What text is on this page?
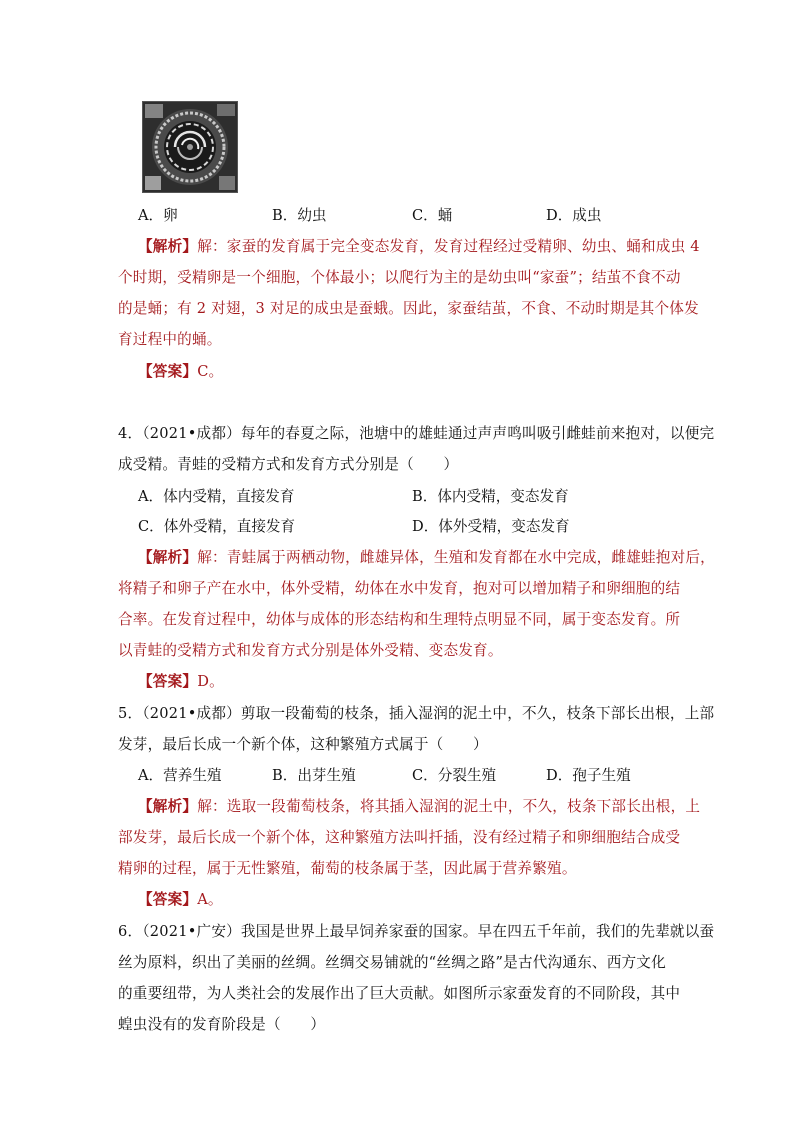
A．卵	B．幼虫	C．蛹	D．成虫
【解析】解：家蚕的发育属于完全变态发育，发育过程经过受精卵、幼虫、蛹和成虫 4
个时期，受精卵是一个细胞，个体最小；以爬行为主的是幼虫叫“家蚕”；结茧不食不动
的是蛹；有 2 对翅，3 对足的成虫是蚕蛾。因此，家蚕结茧，不食、不动时期是其个体发
育过程中的蛹。
【答案】C。
4．（2021•成都）每年的春夏之际，池塘中的雄蛙通过声声鸣叫吸引雌蛙前来抱对，以便完
成受精。青蛙的受精方式和发育方式分别是（　　）
A．体内受精，直接发育	B．体内受精，变态发育
C．体外受精，直接发育	D．体外受精，变态发育
【解析】解：青蛙属于两栖动物，雌雄异体，生殖和发育都在水中完成，雌雄蛙抱对后，
将精子和卵子产在水中，体外受精，幼体在水中发育，抱对可以增加精子和卵细胞的结
合率。在发育过程中，幼体与成体的形态结构和生理特点明显不同，属于变态发育。所
以青蛙的受精方式和发育方式分别是体外受精、变态发育。
【答案】D。
5．（2021•成都）剪取一段葡萄的枝条，插入湿润的泥土中，不久，枝条下部长出根，上部
发芽，最后长成一个新个体，这种繁殖方式属于（　　）
A．营养生殖	B．出芽生殖	C．分裂生殖	D．孢子生殖
【解析】解：选取一段葡萄枝条，将其插入湿润的泥土中，不久，枝条下部长出根，上
部发芽，最后长成一个新个体，这种繁殖方法叫扦插，没有经过精子和卵细胞结合成受
精卵的过程，属于无性繁殖，葡萄的枝条属于茎，因此属于营养繁殖。
【答案】A。
6．（2021•广安）我国是世界上最早饲养家蚕的国家。早在四五千年前，我们的先辈就以蚕
丝为原料，织出了美丽的丝绸。丝绸交易铺就的“丝绸之路”是古代沟通东、西方文化
的重要纽带，为人类社会的发展作出了巨大贡献。如图所示家蚕发育的不同阶段，其中
蝗虫没有的发育阶段是（　　）
